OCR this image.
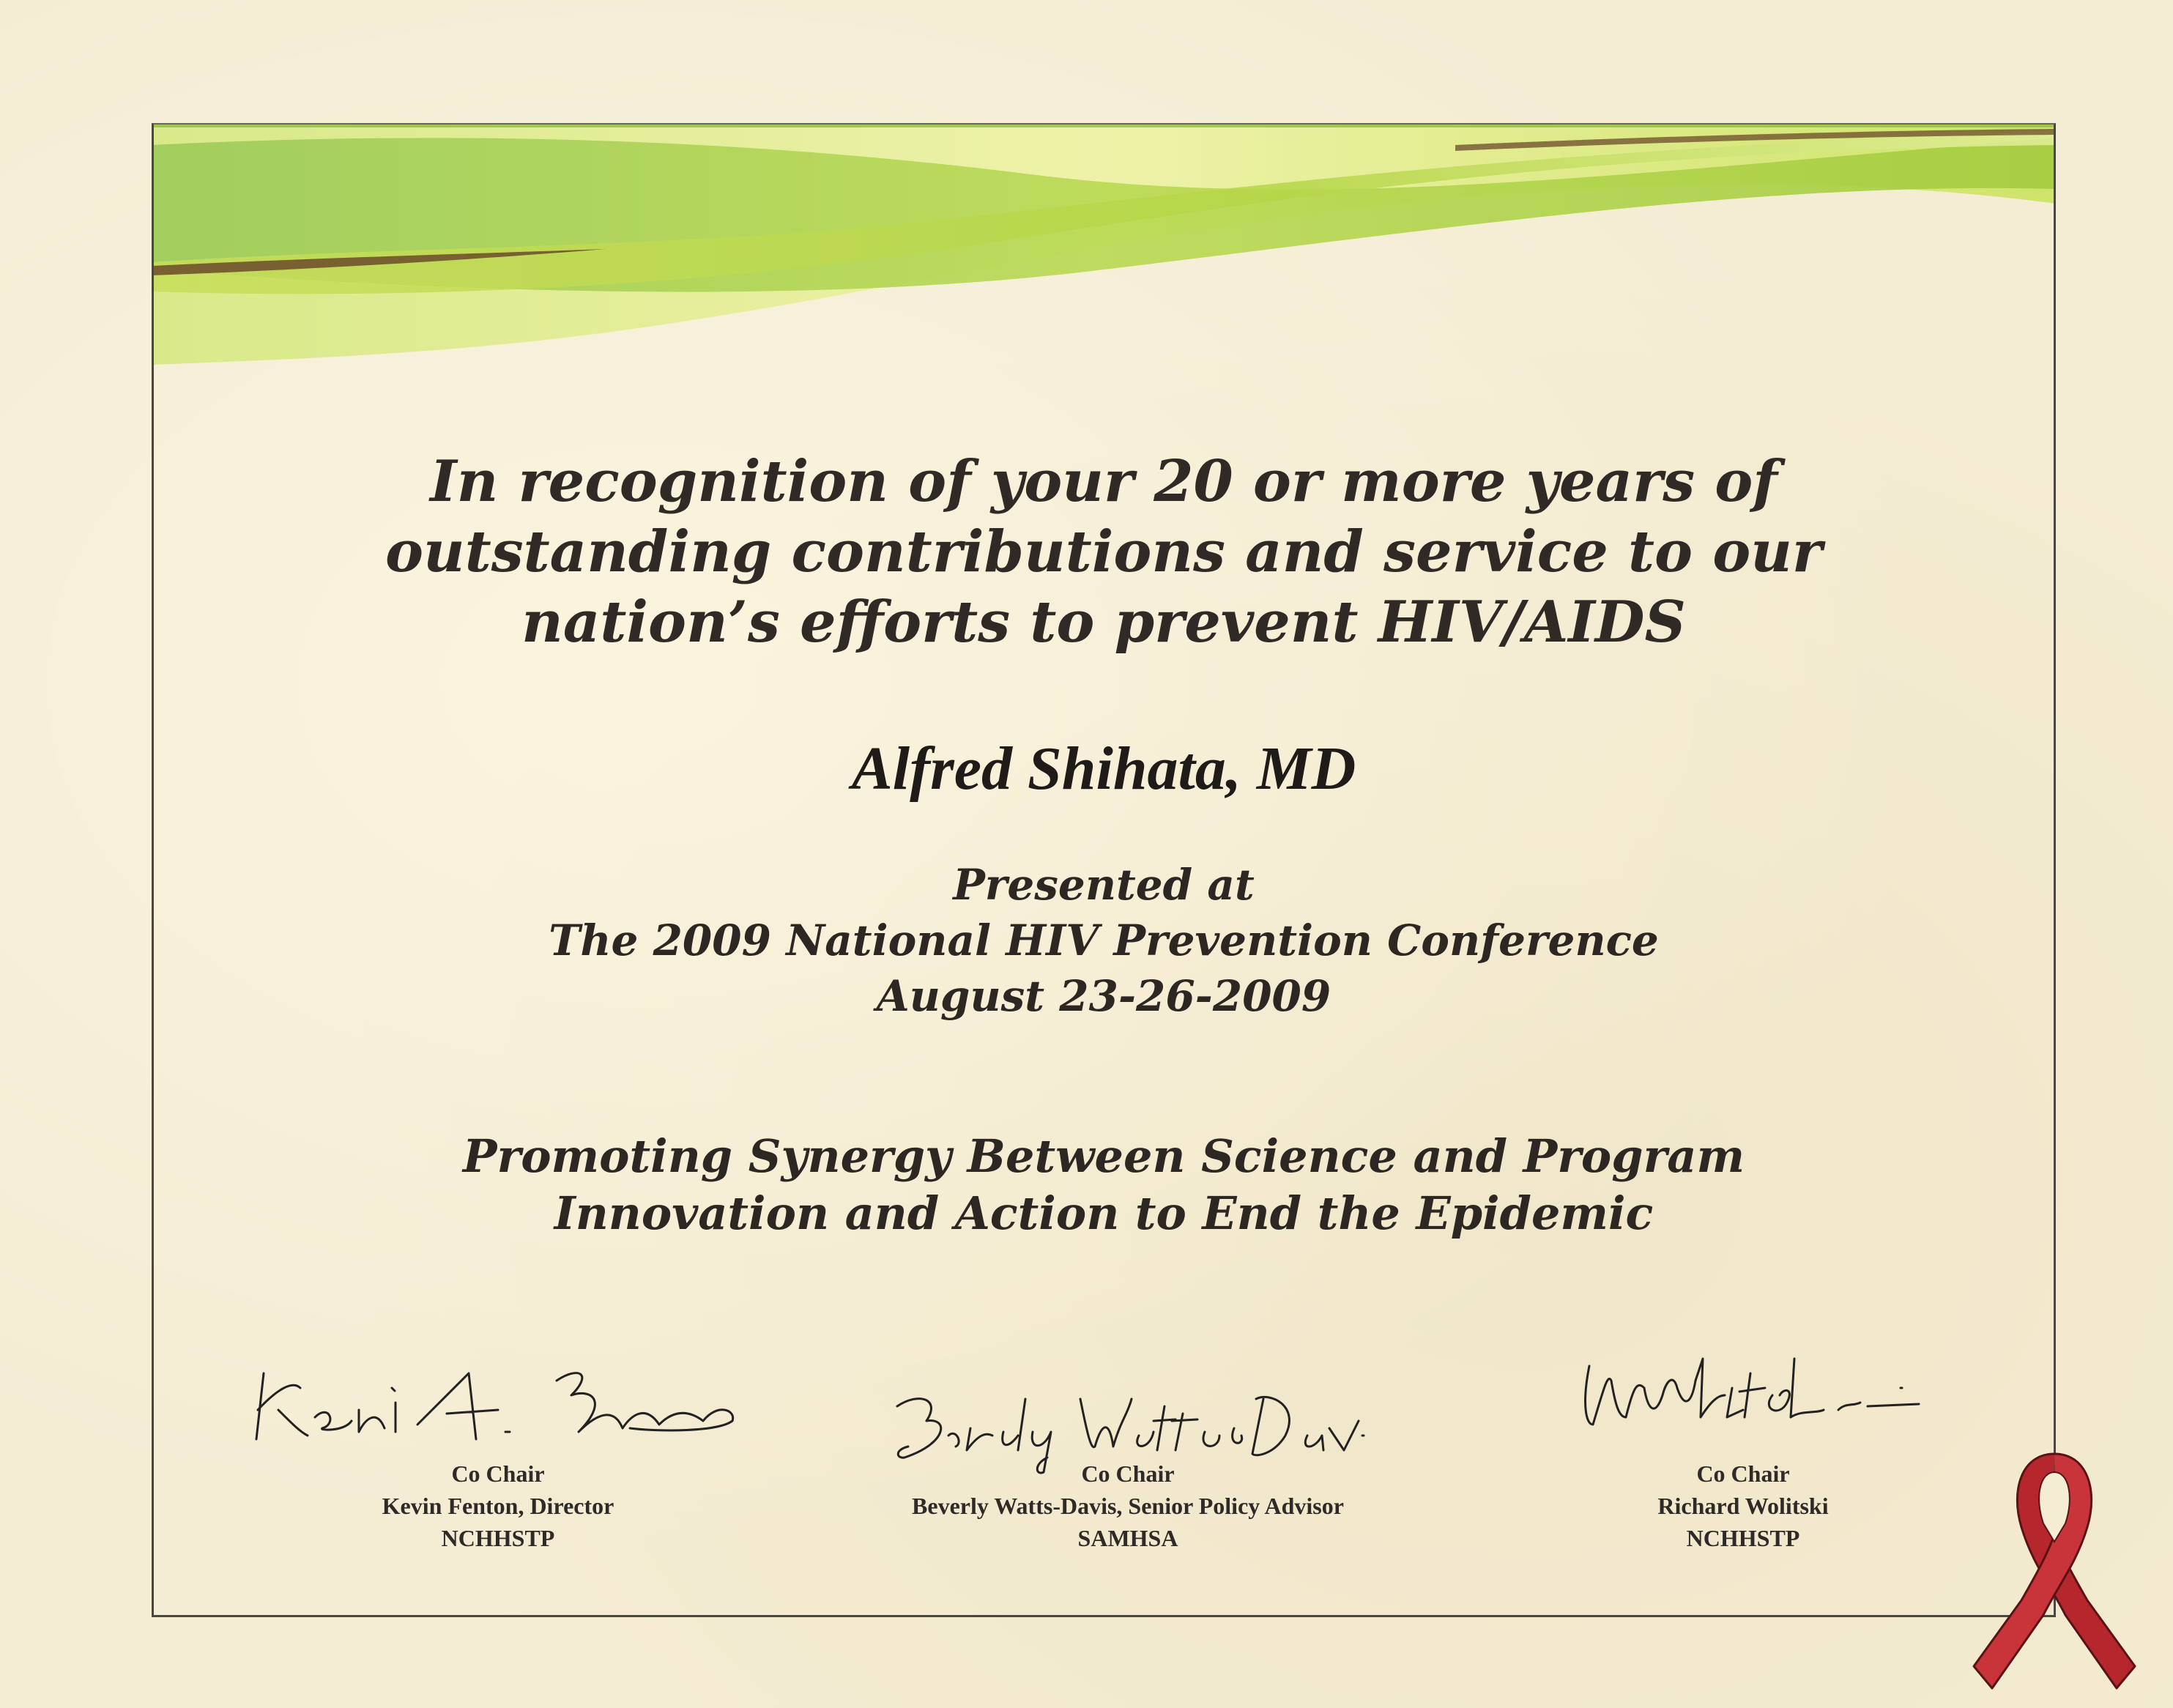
In recognition of your 20 or more years of
outstanding contributions and service to our
nation’s efforts to prevent HIV/AIDS
Alfred Shihata, MD
Presented at
The 2009 National HIV Prevention Conference
August 23-26-2009
Promoting Synergy Between Science and Program
Innovation and Action to End the Epidemic
Co Chair
Kevin Fenton, Director
NCHHSTP
Co Chair
Beverly Watts-Davis, Senior Policy Advisor
SAMHSA
Co Chair
Richard Wolitski
NCHHSTP
